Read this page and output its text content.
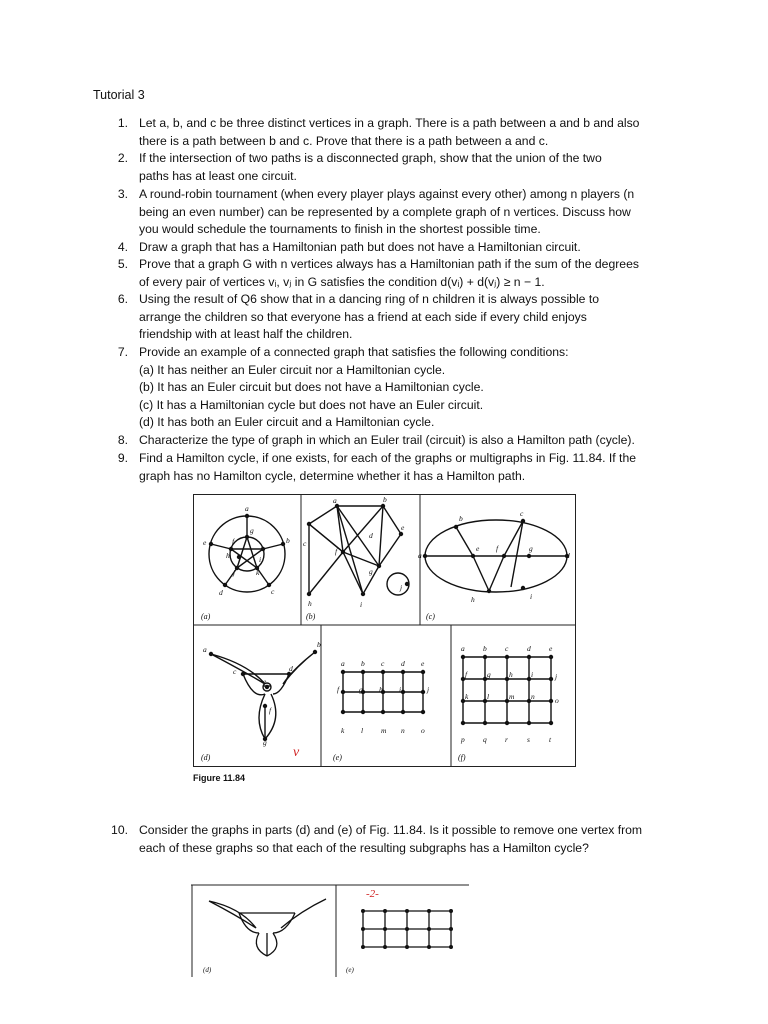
Tutorial 3
1. Let a, b, and c be three distinct vertices in a graph. There is a path between a and b and also
there is a path between b and c. Prove that there is a path between a and c.
2. If the intersection of two paths is a disconnected graph, show that the union of the two
paths has at least one circuit.
3. A round-robin tournament (when every player plays against every other) among n players (n
being an even number) can be represented by a complete graph of n vertices. Discuss how
you would schedule the tournaments to finish in the shortest possible time.
4. Draw a graph that has a Hamiltonian path but does not have a Hamiltonian circuit.
5. Prove that a graph G with n vertices always has a Hamiltonian path if the sum of the degrees
of every pair of vertices vᵢ, vⱼ in G satisfies the condition d(vᵢ) + d(vⱼ) ≥ n − 1.
6. Using the result of Q6 show that in a dancing ring of n children it is always possible to
arrange the children so that everyone has a friend at each side if every child enjoys
friendship with at least half the children.
7. Provide an example of a connected graph that satisfies the following conditions:
(a) It has neither an Euler circuit nor a Hamiltonian cycle.
(b) It has an Euler circuit but does not have a Hamiltonian cycle.
(c) It has a Hamiltonian cycle but does not have an Euler circuit.
(d) It has both an Euler circuit and a Hamiltonian cycle.
8. Characterize the type of graph in which an Euler trail (circuit) is also a Hamilton path (cycle).
9. Find a Hamilton cycle, if one exists, for each of the graphs or multigraphs in Fig. 11.84. If the
graph has no Hamilton cycle, determine whether it has a Hamilton path.
a
b
c
d
e	f
g
h	i
j	k
a	b
c
d
e
f
g
h	i
j
a
b
c
d
e f	g
h	i
a
b
c	d
e
f
g
a b c d e
f	g h i	j
k l m n o
a b c d e
f	g h i	j
k l	m n	o
p q r	s	t
(a)	(b)	(c)
(d)	(e)	(f)
v
Figure 11.84
10. Consider the graphs in parts (d) and (e) of Fig. 11.84. Is it possible to remove one vertex from
each of these graphs so that each of the resulting subgraphs has a Hamilton cycle?
(d)	(e)
-2-
